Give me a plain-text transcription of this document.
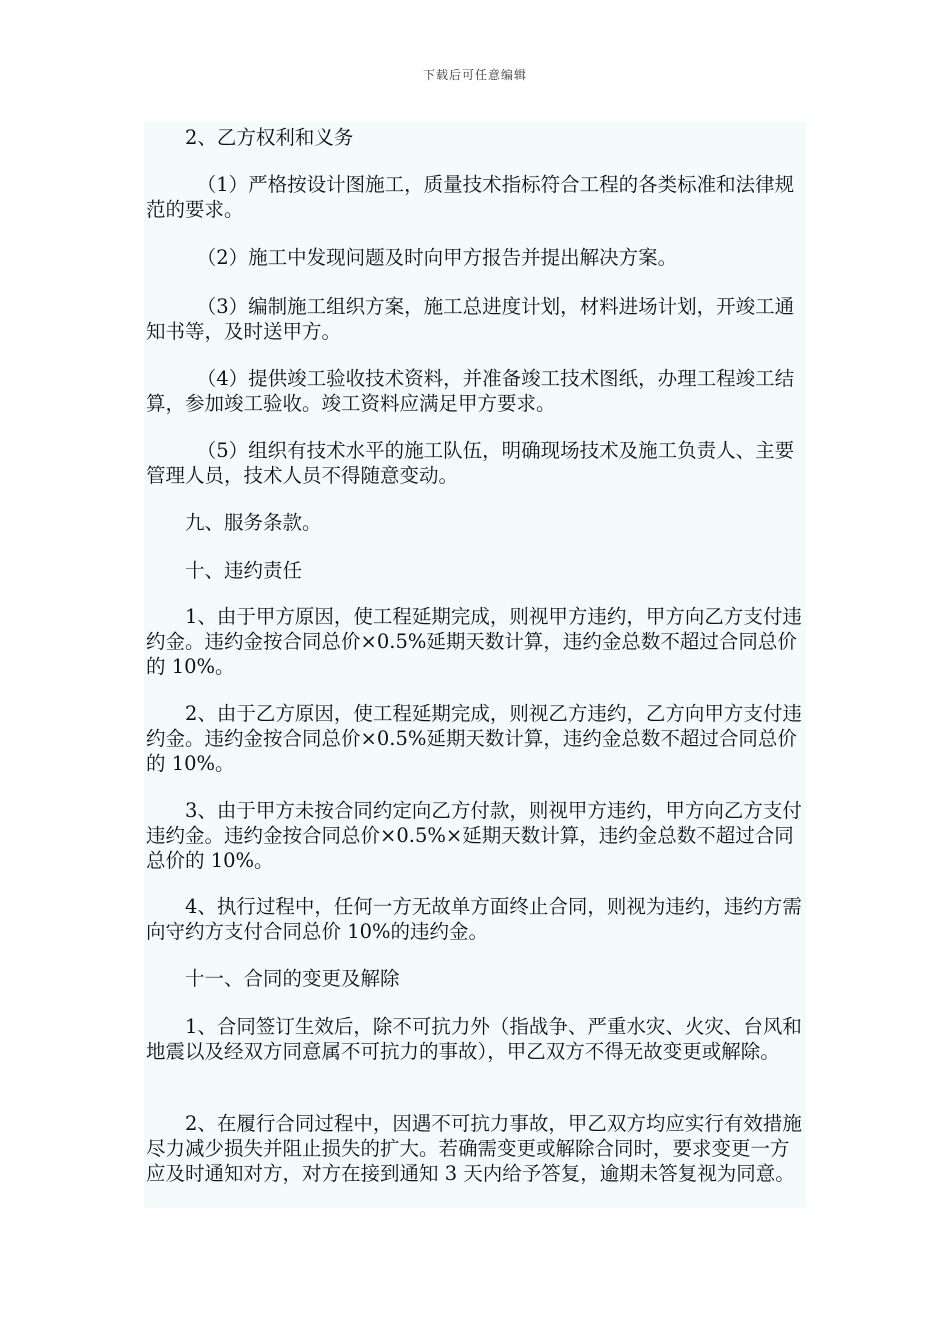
下载后可任意编辑

2、乙方权利和义务

（1）严格按设计图施工，质量技术指标符合工程的各类标准和法律规范的要求。

（2）施工中发现问题及时向甲方报告并提出解决方案。

（3）编制施工组织方案，施工总进度计划，材料进场计划，开竣工通知书等，及时送甲方。

（4）提供竣工验收技术资料，并准备竣工技术图纸，办理工程竣工结算，参加竣工验收。竣工资料应满足甲方要求。

（5）组织有技术水平的施工队伍，明确现场技术及施工负责人、主要管理人员，技术人员不得随意变动。

九、服务条款。

十、违约责任

1、由于甲方原因，使工程延期完成，则视甲方违约，甲方向乙方支付违约金。违约金按合同总价×0.5%延期天数计算，违约金总数不超过合同总价的 10%。

2、由于乙方原因，使工程延期完成，则视乙方违约，乙方向甲方支付违约金。违约金按合同总价×0.5%延期天数计算，违约金总数不超过合同总价的 10%。

3、由于甲方未按合同约定向乙方付款，则视甲方违约，甲方向乙方支付违约金。违约金按合同总价×0.5%×延期天数计算，违约金总数不超过合同总价的 10%。

4、执行过程中，任何一方无故单方面终止合同，则视为违约，违约方需向守约方支付合同总价 10%的违约金。

十一、合同的变更及解除

1、合同签订生效后，除不可抗力外（指战争、严重水灾、火灾、台风和地震以及经双方同意属不可抗力的事故），甲乙双方不得无故变更或解除。

2、在履行合同过程中，因遇不可抗力事故，甲乙双方均应实行有效措施尽力减少损失并阻止损失的扩大。若确需变更或解除合同时，要求变更一方应及时通知对方，对方在接到通知 3 天内给予答复，逾期未答复视为同意。
